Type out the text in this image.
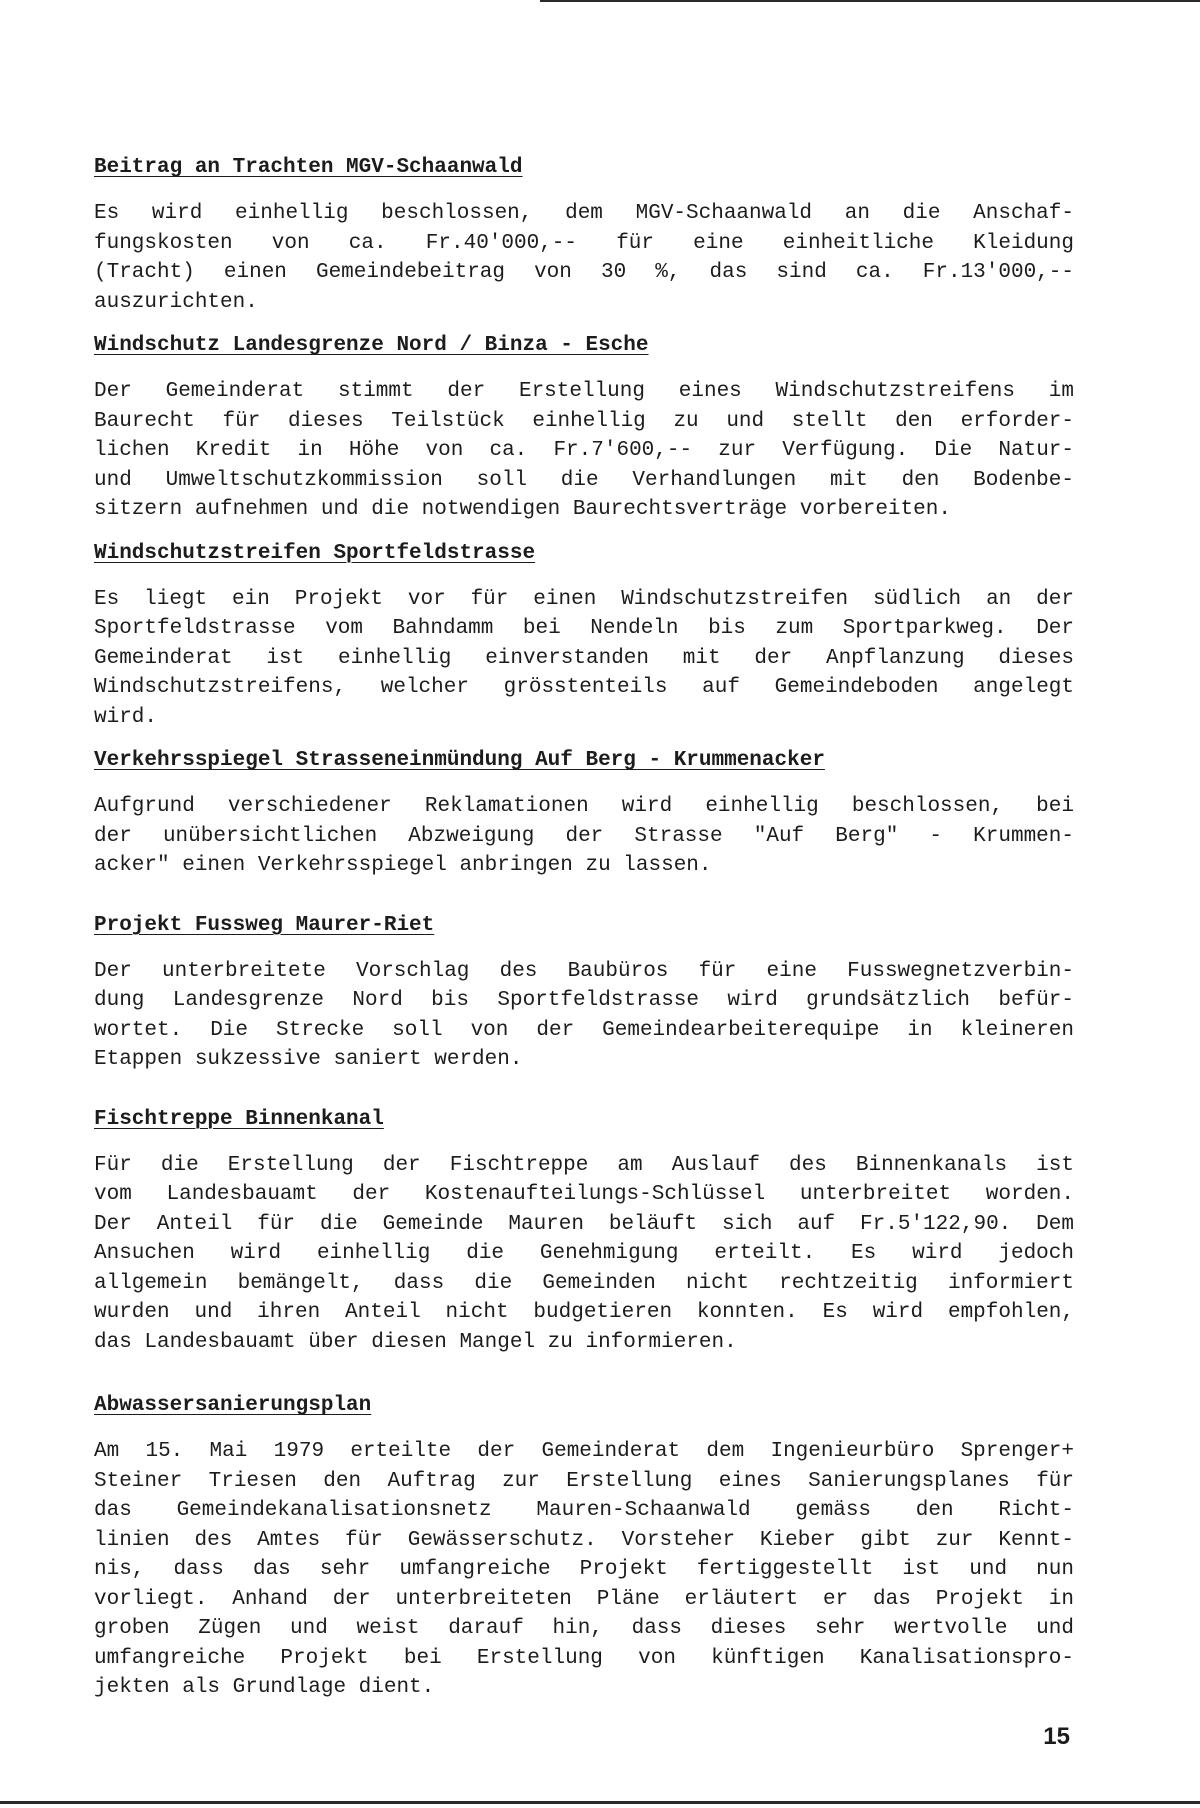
Beitrag an Trachten MGV-Schaanwald

Es wird einhellig beschlossen, dem MGV-Schaanwald an die Anschaf-
fungskosten von ca. Fr.40'000,-- für eine einheitliche Kleidung
(Tracht) einen Gemeindebeitrag von 30 %, das sind ca. Fr.13'000,--
auszurichten.

Windschutz Landesgrenze Nord / Binza - Esche

Der Gemeinderat stimmt der Erstellung eines Windschutzstreifens im
Baurecht für dieses Teilstück einhellig zu und stellt den erforder-
lichen Kredit in Höhe von ca. Fr.7'600,-- zur Verfügung. Die Natur-
und Umweltschutzkommission soll die Verhandlungen mit den Bodenbe-
sitzern aufnehmen und die notwendigen Baurechtsverträge vorbereiten.

Windschutzstreifen Sportfeldstrasse

Es liegt ein Projekt vor für einen Windschutzstreifen südlich an der
Sportfeldstrasse vom Bahndamm bei Nendeln bis zum Sportparkweg. Der
Gemeinderat ist einhellig einverstanden mit der Anpflanzung dieses
Windschutzstreifens, welcher grösstenteils auf Gemeindeboden angelegt
wird.

Verkehrsspiegel Strasseneinmündung Auf Berg - Krummenacker

Aufgrund verschiedener Reklamationen wird einhellig beschlossen, bei
der unübersichtlichen Abzweigung der Strasse "Auf Berg" - Krummen-
acker" einen Verkehrsspiegel anbringen zu lassen.

Projekt Fussweg Maurer-Riet

Der unterbreitete Vorschlag des Baubüros für eine Fusswegnetzverbin-
dung Landesgrenze Nord bis Sportfeldstrasse wird grundsätzlich befür-
wortet. Die Strecke soll von der Gemeindearbeiterequipe in kleineren
Etappen sukzessive saniert werden.

Fischtreppe Binnenkanal

Für die Erstellung der Fischtreppe am Auslauf des Binnenkanals ist
vom Landesbauamt der Kostenaufteilungs-Schlüssel unterbreitet worden.
Der Anteil für die Gemeinde Mauren beläuft sich auf Fr.5'122,90. Dem
Ansuchen wird einhellig die Genehmigung erteilt. Es wird jedoch
allgemein bemängelt, dass die Gemeinden nicht rechtzeitig informiert
wurden und ihren Anteil nicht budgetieren konnten. Es wird empfohlen,
das Landesbauamt über diesen Mangel zu informieren.

Abwassersanierungsplan

Am 15. Mai 1979 erteilte der Gemeinderat dem Ingenieurbüro Sprenger+
Steiner Triesen den Auftrag zur Erstellung eines Sanierungsplanes für
das Gemeindekanalisationsnetz Mauren-Schaanwald gemäss den Richt-
linien des Amtes für Gewässerschutz. Vorsteher Kieber gibt zur Kennt-
nis, dass das sehr umfangreiche Projekt fertiggestellt ist und nun
vorliegt. Anhand der unterbreiteten Pläne erläutert er das Projekt in
groben Zügen und weist darauf hin, dass dieses sehr wertvolle und
umfangreiche Projekt bei Erstellung von künftigen Kanalisationspro-
jekten als Grundlage dient.

15
